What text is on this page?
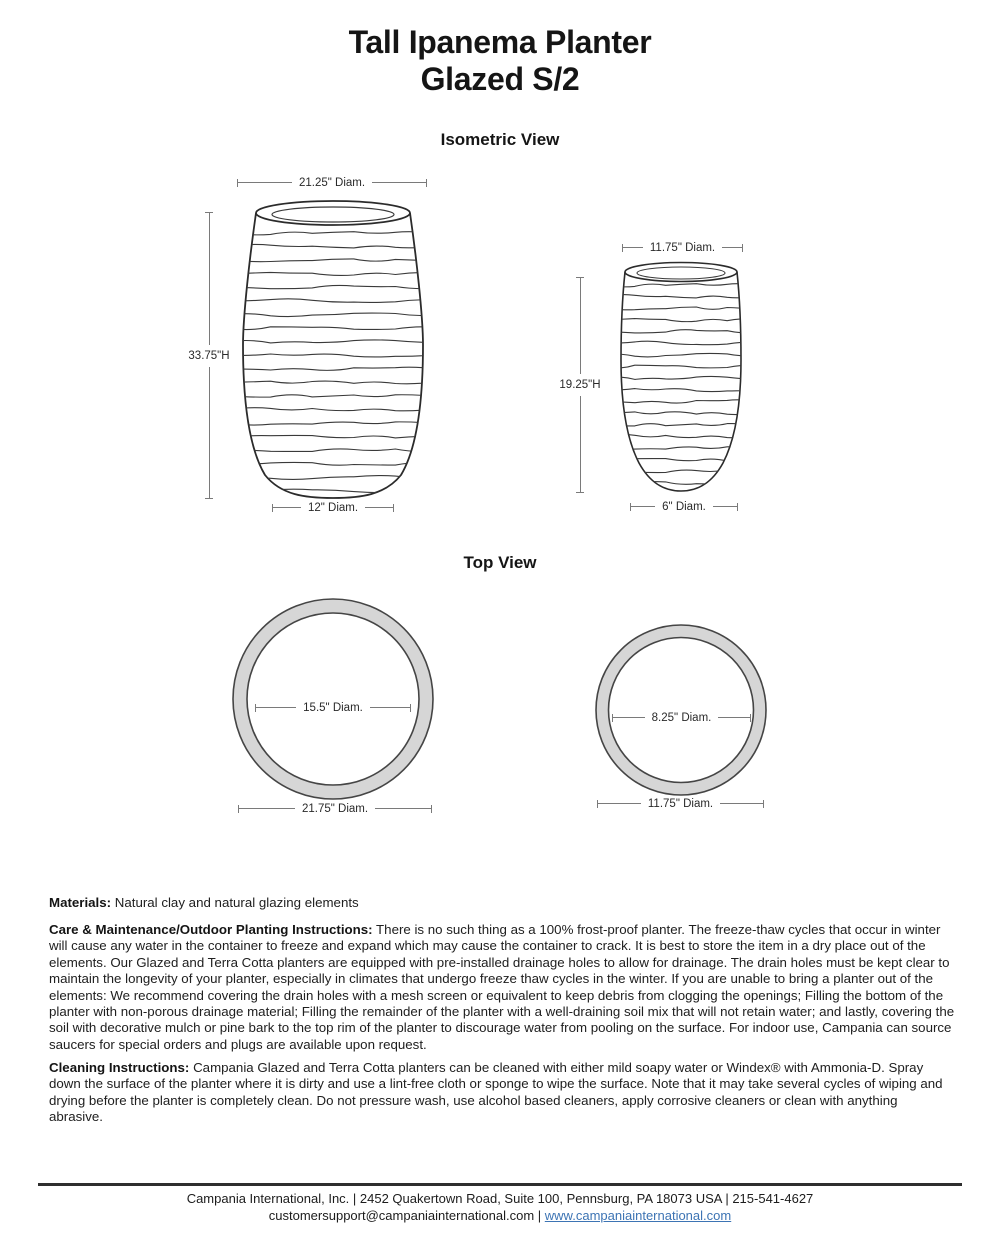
Tall Ipanema Planter
Glazed S/2
Isometric View
21.25" Diam.
33.75"H
12" Diam.
11.75" Diam.
19.25"H
6" Diam.
Top View
15.5" Diam.
21.75" Diam.
8.25" Diam.
11.75" Diam.

Materials: Natural clay and natural glazing elements

Care & Maintenance/Outdoor Planting Instructions: There is no such thing as a 100% frost-proof planter. The freeze-thaw cycles that occur in winter will cause any water in the container to freeze and expand which may cause the container to crack. It is best to store the item in a dry place out of the elements. Our Glazed and Terra Cotta planters are equipped with pre-installed drainage holes to allow for drainage. The drain holes must be kept clear to maintain the longevity of your planter, especially in climates that undergo freeze thaw cycles in the winter. If you are unable to bring a planter out of the elements: We recommend covering the drain holes with a mesh screen or equivalent to keep debris from clogging the openings; Filling the bottom of the planter with non-porous drainage material; Filling the remainder of the planter with a well-draining soil mix that will not retain water; and lastly, covering the soil with decorative mulch or pine bark to the top rim of the planter to discourage water from pooling on the surface. For indoor use, Campania can source saucers for special orders and plugs are available upon request.

Cleaning Instructions: Campania Glazed and Terra Cotta planters can be cleaned with either mild soapy water or Windex® with Ammonia-D. Spray down the surface of the planter where it is dirty and use a lint-free cloth or sponge to wipe the surface. Note that it may take several cycles of wiping and drying before the planter is completely clean. Do not pressure wash, use alcohol based cleaners, apply corrosive cleaners or clean with anything abrasive.

Campania International, Inc. | 2452 Quakertown Road, Suite 100, Pennsburg, PA 18073 USA | 215-541-4627
customersupport@campaniainternational.com | www.campaniainternational.com
